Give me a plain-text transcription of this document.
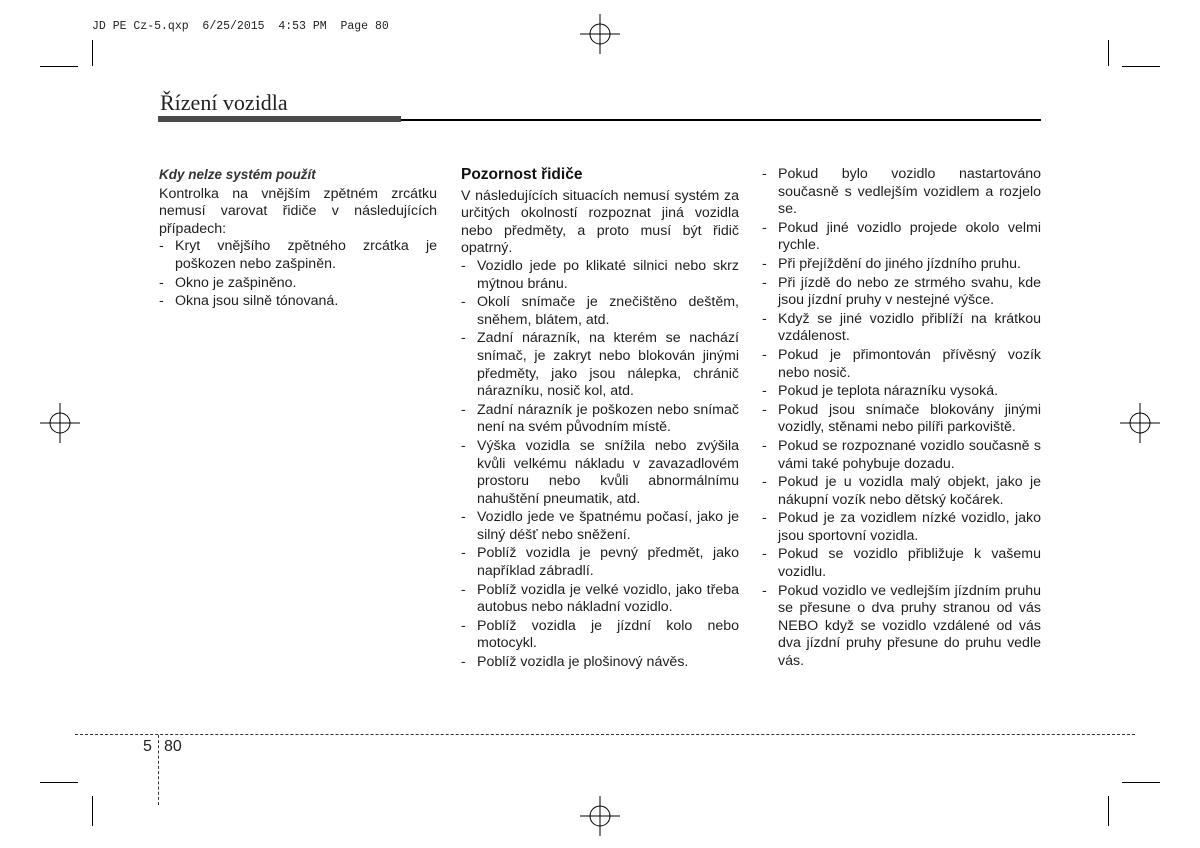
JD PE Cz-5.qxp  6/25/2015  4:53 PM  Page 80
Řízení vozidla
Kdy nelze systém použít
Kontrolka na vnějším zpětném zrcátku nemusí varovat řidiče v následujících případech:
- Kryt vnějšího zpětného zrcátka je poškozen nebo zašpiněn.
- Okno je zašpiněno.
- Okna jsou silně tónovaná.
Pozornost řidiče
V následujících situacích nemusí systém za určitých okolností rozpoznat jiná vozidla nebo předměty, a proto musí být řidič opatrný.
- Vozidlo jede po klikaté silnici nebo skrz mýtnou bránu.
- Okolí snímače je znečištěno deštěm, sněhem, blátem, atd.
- Zadní nárazník, na kterém se nachází snímač, je zakryt nebo blokován jinými předměty, jako jsou nálepka, chránič nárazníku, nosič kol, atd.
- Zadní nárazník je poškozen nebo snímač není na svém původním místě.
- Výška vozidla se snížila nebo zvýšila kvůli velkému nákladu v zavazadlovém prostoru nebo kvůli abnormálnímu nahuštění pneumatik, atd.
- Vozidlo jede ve špatnému počasí, jako je silný déšť nebo sněžení.
- Poblíž vozidla je pevný předmět, jako například zábradlí.
- Poblíž vozidla je velké vozidlo, jako třeba autobus nebo nákladní vozidlo.
- Poblíž vozidla je jízdní kolo nebo motocykl.
- Poblíž vozidla je plošinový návěs.
- Pokud bylo vozidlo nastartováno současně s vedlejším vozidlem a rozjelo se.
- Pokud jiné vozidlo projede okolo velmi rychle.
- Při přejíždění do jiného jízdního pruhu.
- Při jízdě do nebo ze strmého svahu, kde jsou jízdní pruhy v nestejné výšce.
- Když se jiné vozidlo přiblíží na krátkou vzdálenost.
- Pokud je přimontován přívěsný vozík nebo nosič.
- Pokud je teplota nárazníku vysoká.
- Pokud jsou snímače blokovány jinými vozidly, stěnami nebo pilíři parkoviště.
- Pokud se rozpoznané vozidlo současně s vámi také pohybuje dozadu.
- Pokud je u vozidla malý objekt, jako je nákupní vozík nebo dětský kočárek.
- Pokud je za vozidlem nízké vozidlo, jako jsou sportovní vozidla.
- Pokud se vozidlo přibližuje k vašemu vozidlu.
- Pokud vozidlo ve vedlejším jízdním pruhu se přesune o dva pruhy stranou od vás NEBO když se vozidlo vzdálené od vás dva jízdní pruhy přesune do pruhu vedle vás.
5 80
